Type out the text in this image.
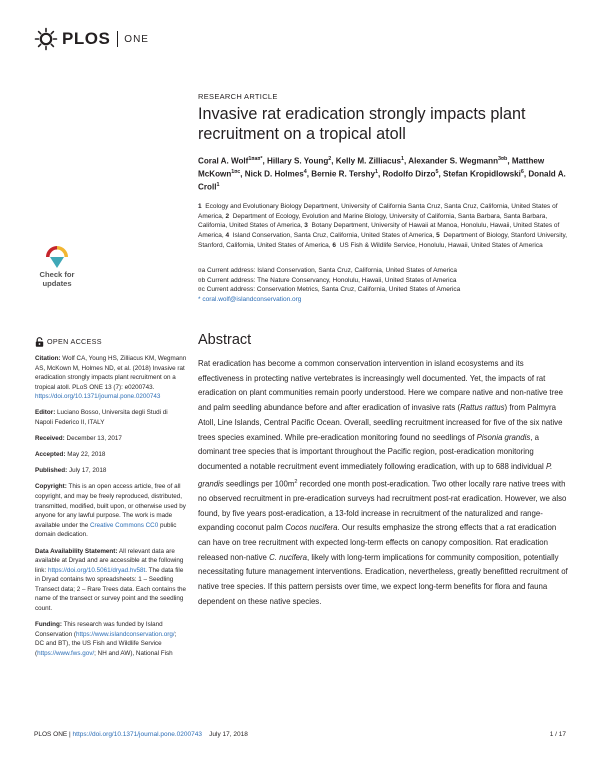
PLOS ONE
Check for
updates
OPEN ACCESS
Citation: Wolf CA, Young HS, Zilliacus KM, Wegmann AS, McKown M, Holmes ND, et al. (2018) Invasive rat eradication strongly impacts plant recruitment on a tropical atoll. PLoS ONE 13 (7): e0200743. https://doi.org/10.1371/journal.pone.0200743
Editor: Luciano Bosso, Universita degli Studi di Napoli Federico II, ITALY
Received: December 13, 2017
Accepted: May 22, 2018
Published: July 17, 2018
Copyright: This is an open access article, free of all copyright, and may be freely reproduced, distributed, transmitted, modified, built upon, or otherwise used by anyone for any lawful purpose. The work is made available under the Creative Commons CC0 public domain dedication.
Data Availability Statement: All relevant data are available at Dryad and are accessible at the following link: https://doi.org/10.5061/dryad.hv58t. The data file in Dryad contains two spreadsheets: 1 – Seedling Transect data; 2 – Rare Trees data. Each contains the name of the transect or survey point and the seedling count.
Funding: This research was funded by Island Conservation (https://www.islandconservation.org/; DC and BT), the US Fish and Wildlife Service (https://www.fws.gov/; NH and AW), National Fish
RESEARCH ARTICLE
Invasive rat eradication strongly impacts plant recruitment on a tropical atoll
Coral A. Wolf$^{1¤a¤*}$, Hillary S. Young$^2$, Kelly M. Zilliacus$^1$, Alexander S. Wegmann$^{3¤b}$, Matthew McKown$^{1¤c}$, Nick D. Holmes$^4$, Bernie R. Tershy$^1$, Rodolfo Dirzo$^5$, Stefan Kropidlowski$^6$, Donald A. Croll$^1$
1 Ecology and Evolutionary Biology Department, University of California Santa Cruz, Santa Cruz, California, United States of America, 2 Department of Ecology, Evolution and Marine Biology, University of California, Santa Barbara, Santa Barbara, California, United States of America, 3 Botany Department, University of Hawaii at Manoa, Honolulu, Hawaii, United States of America, 4 Island Conservation, Santa Cruz, California, United States of America, 5 Department of Biology, Stanford University, Stanford, California, United States of America, 6 US Fish & Wildlife Service, Honolulu, Hawaii, United States of America
¤a Current address: Island Conservation, Santa Cruz, California, United States of America
¤b Current address: The Nature Conservancy, Honolulu, Hawaii, United States of America
¤c Current address: Conservation Metrics, Santa Cruz, California, United States of America
* coral.wolf@islandconservation.org
Abstract

Rat eradication has become a common conservation intervention in island ecosystems and its effectiveness in protecting native vertebrates is increasingly well documented. Yet, the impacts of rat eradication on plant communities remain poorly understood. Here we compare native and non-native tree and palm seedling abundance before and after eradication of invasive rats (Rattus rattus) from Palmyra Atoll, Line Islands, Central Pacific Ocean. Overall, seedling recruitment increased for five of the six native trees species examined. While pre-eradication monitoring found no seedlings of Pisonia grandis, a dominant tree species that is important throughout the Pacific region, post-eradication monitoring documented a notable recruitment event immediately following eradication, with up to 688 individual P. grandis seedlings per $100m^2$ recorded one month post-eradication. Two other locally rare native trees with no observed recruitment in pre-eradication surveys had recruitment post-rat eradication. However, we also found, by five years post-eradication, a 13-fold increase in recruitment of the naturalized and range-expanding coconut palm Cocos nucifera. Our results emphasize the strong effects that a rat eradication can have on tree recruitment with expected long-term effects on canopy composition. Rat eradication released non-native C. nucifera, likely with long-term implications for community composition, potentially necessitating future management interventions. Eradication, nevertheless, greatly benefitted recruitment of native tree species. If this pattern persists over time, we expect long-term benefits for flora and fauna dependent on these native species.

PLOS ONE | https://doi.org/10.1371/journal.pone.0200743 July 17, 2018	1 / 17
